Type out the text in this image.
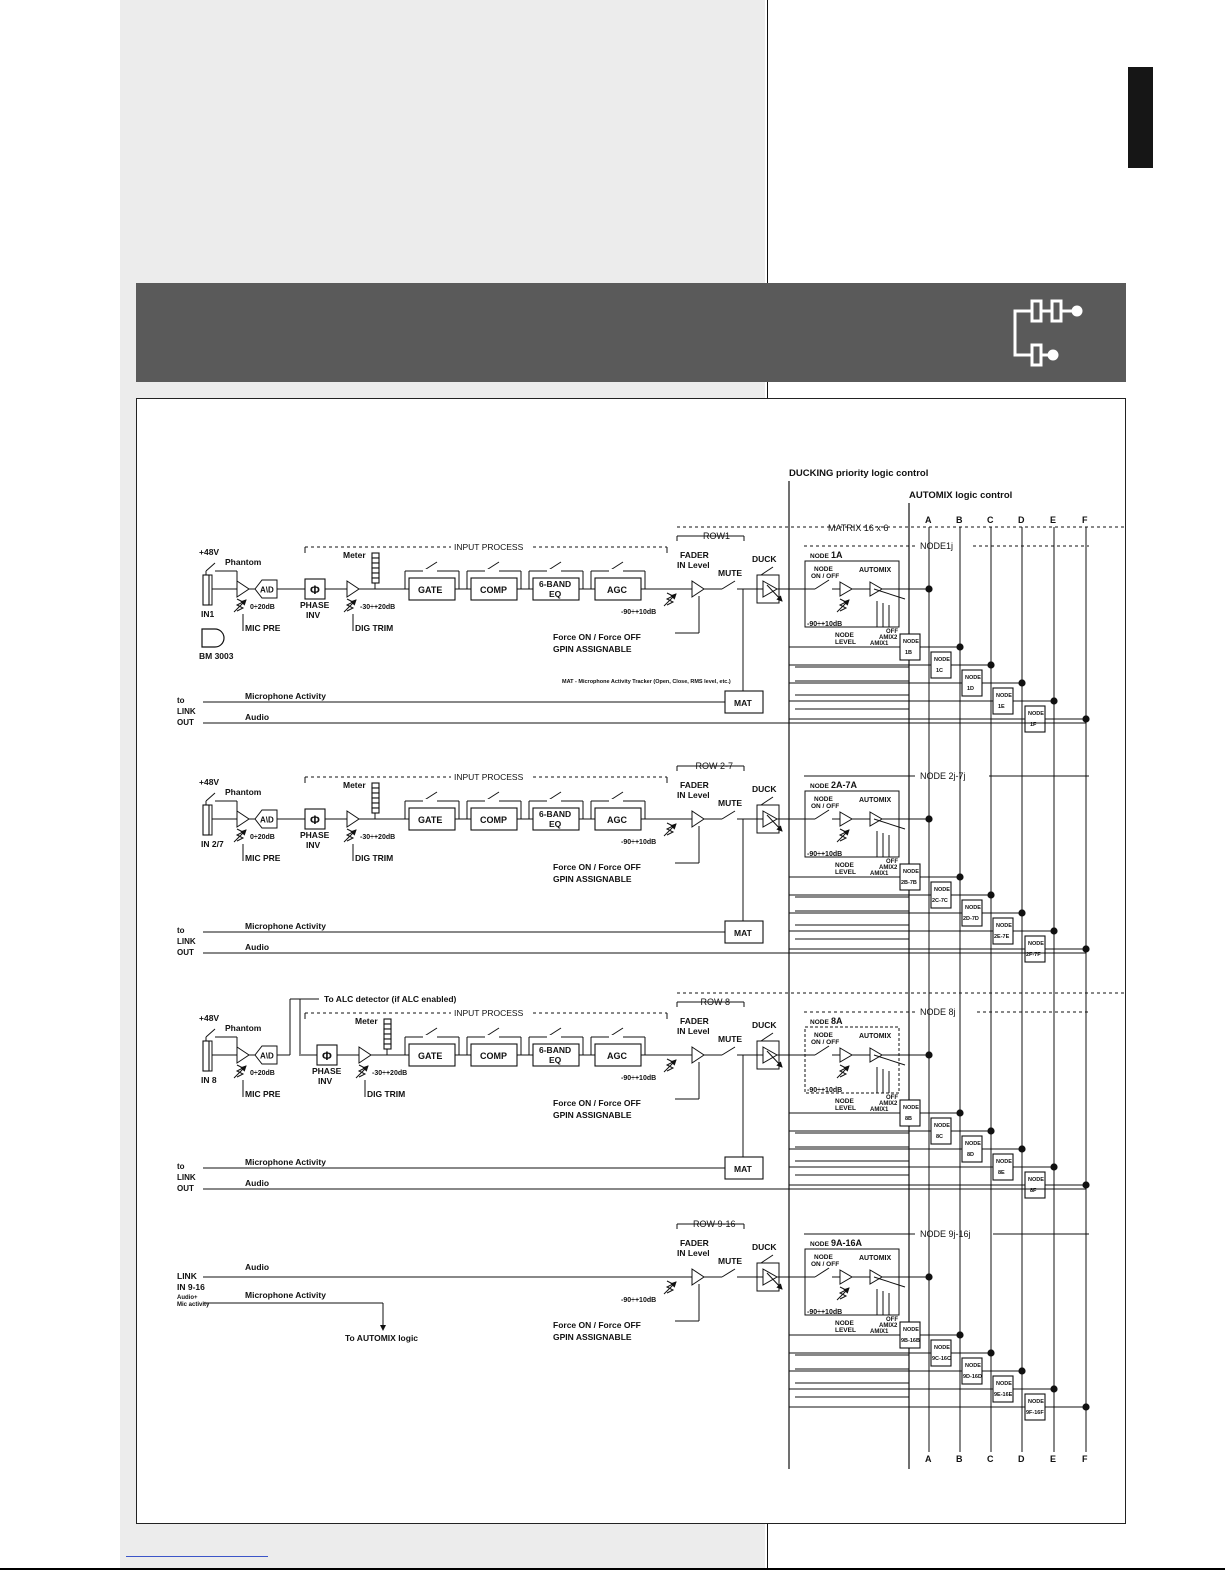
DUCKING priority logic control
AUTOMIX logic control
MATRIX 16 x 6
A	B	C	D	E	F
A	B	C	D	E	F
ROW1
NODE1j
+48V
Phantom
IN1
BM 3003
0÷20dB
MIC PRE
A\D	Φ
PHASE
INV
-30÷+20dB
DIG TRIM
Meter
INPUT PROCESS
GATE	COMP
6-BAND
EQ	AGC
FADER
IN Level
-90÷+10dB
MUTE
DUCK
Force ON / Force OFF
GPIN ASSIGNABLE
NODE 1A
NODE
ON / OFF
AUTOMIX
-90÷+10dB
NODE
LEVEL
OFF
AMIX2
AMIX1	NODE
1B
NODE
1C
NODE
1D
NODE
1E
NODE
1F
MAT - Microphone Activity Tracker (Open, Close, RMS level, etc.)
MAT
to
LINK
OUT
Microphone Activity
Audio
ROW 2-7
NODE 2j-7j
+48V
Phantom
IN 2/7
0÷20dB
MIC PRE
A\D	Φ
PHASE
INV
-30÷+20dB
DIG TRIM
Meter
INPUT PROCESS
GATE	COMP
6-BAND
EQ	AGC
FADER
IN Level
-90÷+10dB
MUTE
DUCK
Force ON / Force OFF
GPIN ASSIGNABLE
NODE 2A-7A
NODE
ON / OFF
AUTOMIX
-90÷+10dB
NODE
LEVEL
OFF
AMIX2
AMIX1	NODE
2B-7B
NODE
2C-7C
NODE
2D-7D
NODE
2E-7E
NODE
2F-7F
MAT
to
LINK
OUT
Microphone Activity
Audio
ROW 8
NODE 8j
+48V
Phantom
IN 8
0÷20dB
MIC PRE
A\D
To ALC detector (if ALC enabled)
Φ
PHASE
INV
-30÷+20dB
DIG TRIM
Meter
INPUT PROCESS
GATE	COMP
6-BAND
EQ	AGC
FADER
IN Level
-90÷+10dB
MUTE
DUCK
Force ON / Force OFF
GPIN ASSIGNABLE
NODE 8A
NODE
ON / OFF
AUTOMIX
-90÷+10dB
NODE
LEVEL
OFF
AMIX2
AMIX1	NODE
8B
NODE
8C
NODE
8D
NODE
8E
NODE
8F
MAT
to
LINK
OUT
Microphone Activity
Audio
ROW 9-16
NODE 9j-16j
LINK
IN 9-16
Audio+
Mic activity
Audio
Microphone Activity
To AUTOMIX logic
FADER
IN Level
-90÷+10dB
MUTE
DUCK
Force ON / Force OFF
GPIN ASSIGNABLE
NODE 9A-16A
NODE
ON / OFF
AUTOMIX
-90÷+10dB
NODE
LEVEL
OFF
AMIX2
AMIX1	NODE
9B-16B
NODE
9C-16C
NODE
9D-16D
NODE
9E-16E
NODE
9F-16F
